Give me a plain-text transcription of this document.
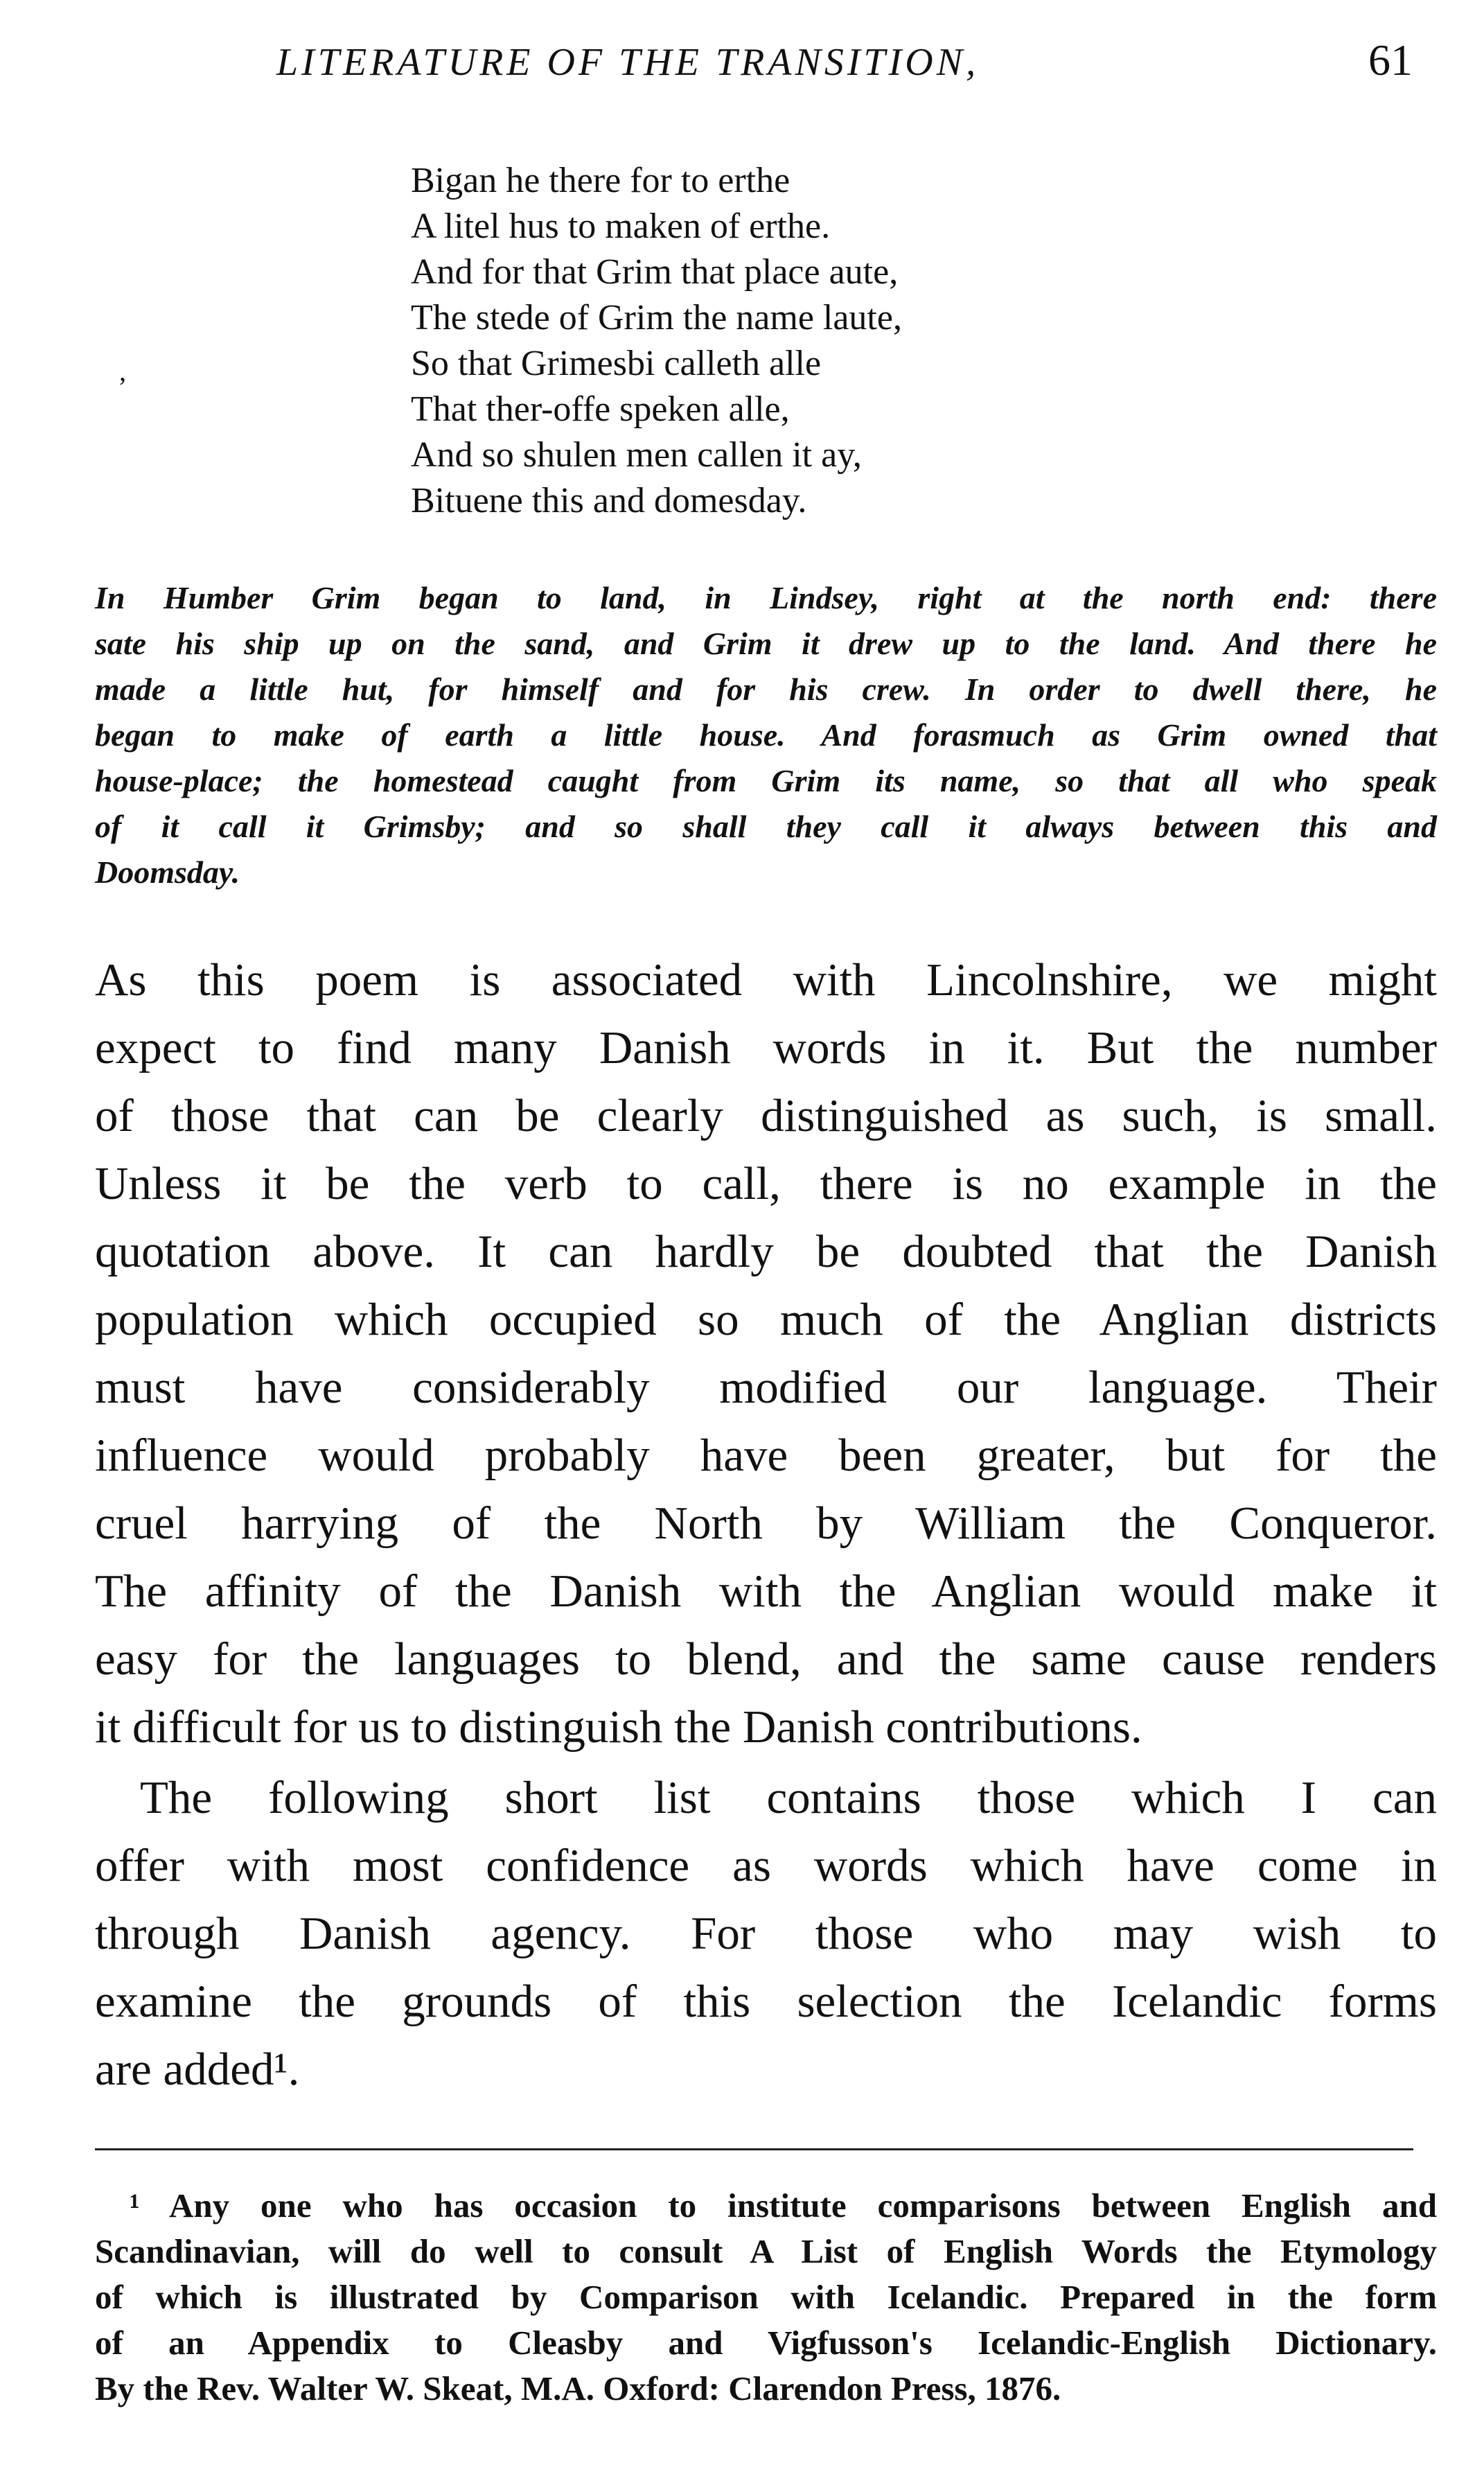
LITERATURE OF THE TRANSITION,	61
,
Bigan he there for to erthe
A litel hus to maken of erthe.
And for that Grim that place aute,
The stede of Grim the name laute,
So that Grimesbi calleth alle
That ther-offe speken alle,
And so shulen men callen it ay,
Bituene this and domesday.
In Humber Grim began to land, in Lindsey, right at the north end: there
sate his ship up on the sand, and Grim it drew up to the land. And there he
made a little hut, for himself and for his crew. In order to dwell there, he
began to make of earth a little house. And forasmuch as Grim owned that
house-place; the homestead caught from Grim its name, so that all who speak
of it call it Grimsby; and so shall they call it always between this and
Doomsday.
As this poem is associated with Lincolnshire, we might
expect to find many Danish words in it. But the number
of those that can be clearly distinguished as such, is small.
Unless it be the verb to call, there is no example in the
quotation above. It can hardly be doubted that the Danish
population which occupied so much of the Anglian districts
must have considerably modified our language. Their
influence would probably have been greater, but for the
cruel harrying of the North by William the Conqueror.
The affinity of the Danish with the Anglian would make it
easy for the languages to blend, and the same cause renders
it difficult for us to distinguish the Danish contributions.
The following short list contains those which I can
offer with most confidence as words which have come in
through Danish agency. For those who may wish to
examine the grounds of this selection the Icelandic forms
are added¹.
¹ Any one who has occasion to institute comparisons between English and
Scandinavian, will do well to consult A List of English Words the Etymology
of which is illustrated by Comparison with Icelandic. Prepared in the form
of an Appendix to Cleasby and Vigfusson's Icelandic-English Dictionary.
By the Rev. Walter W. Skeat, M.A. Oxford: Clarendon Press, 1876.
